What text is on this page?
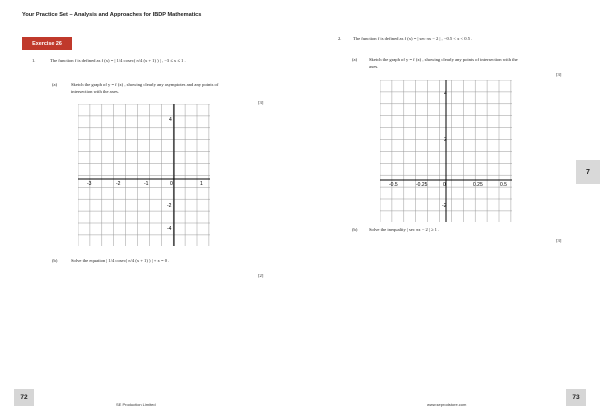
Your Practice Set – Analysis and Approaches for IBDP Mathematics
Exercise 26
1.	The function f is defined as f (x) = | 1/4 cosec( π/4 (x + 1) ) | , −3 ≤ x ≤ 1 .
(a)	Sketch the graph of y = f (x) , showing clearly any asymptotes and any points of
intersection with the axes.
[3]
-3	-2	-1	0	1
4
-2
-4
(b)	Solve the equation | 1/4 cosec( π/4 (x + 1) ) | + x = 0 .
[2]
2.	The function f is defined as f (x) = | sec πx − 2 | , −0.5 < x < 0.5 .
(a)	Sketch the graph of y = f (x) , showing clearly any points of intersection with the
axes.
[3]
-0.5	-0.25	0	0.25	0.5
4
2
-2
(b)	Solve the inequality | sec πx − 2 | ≥ 1 .
[3]
7
72	73
SE Production Limited	www.seprodstore.com
